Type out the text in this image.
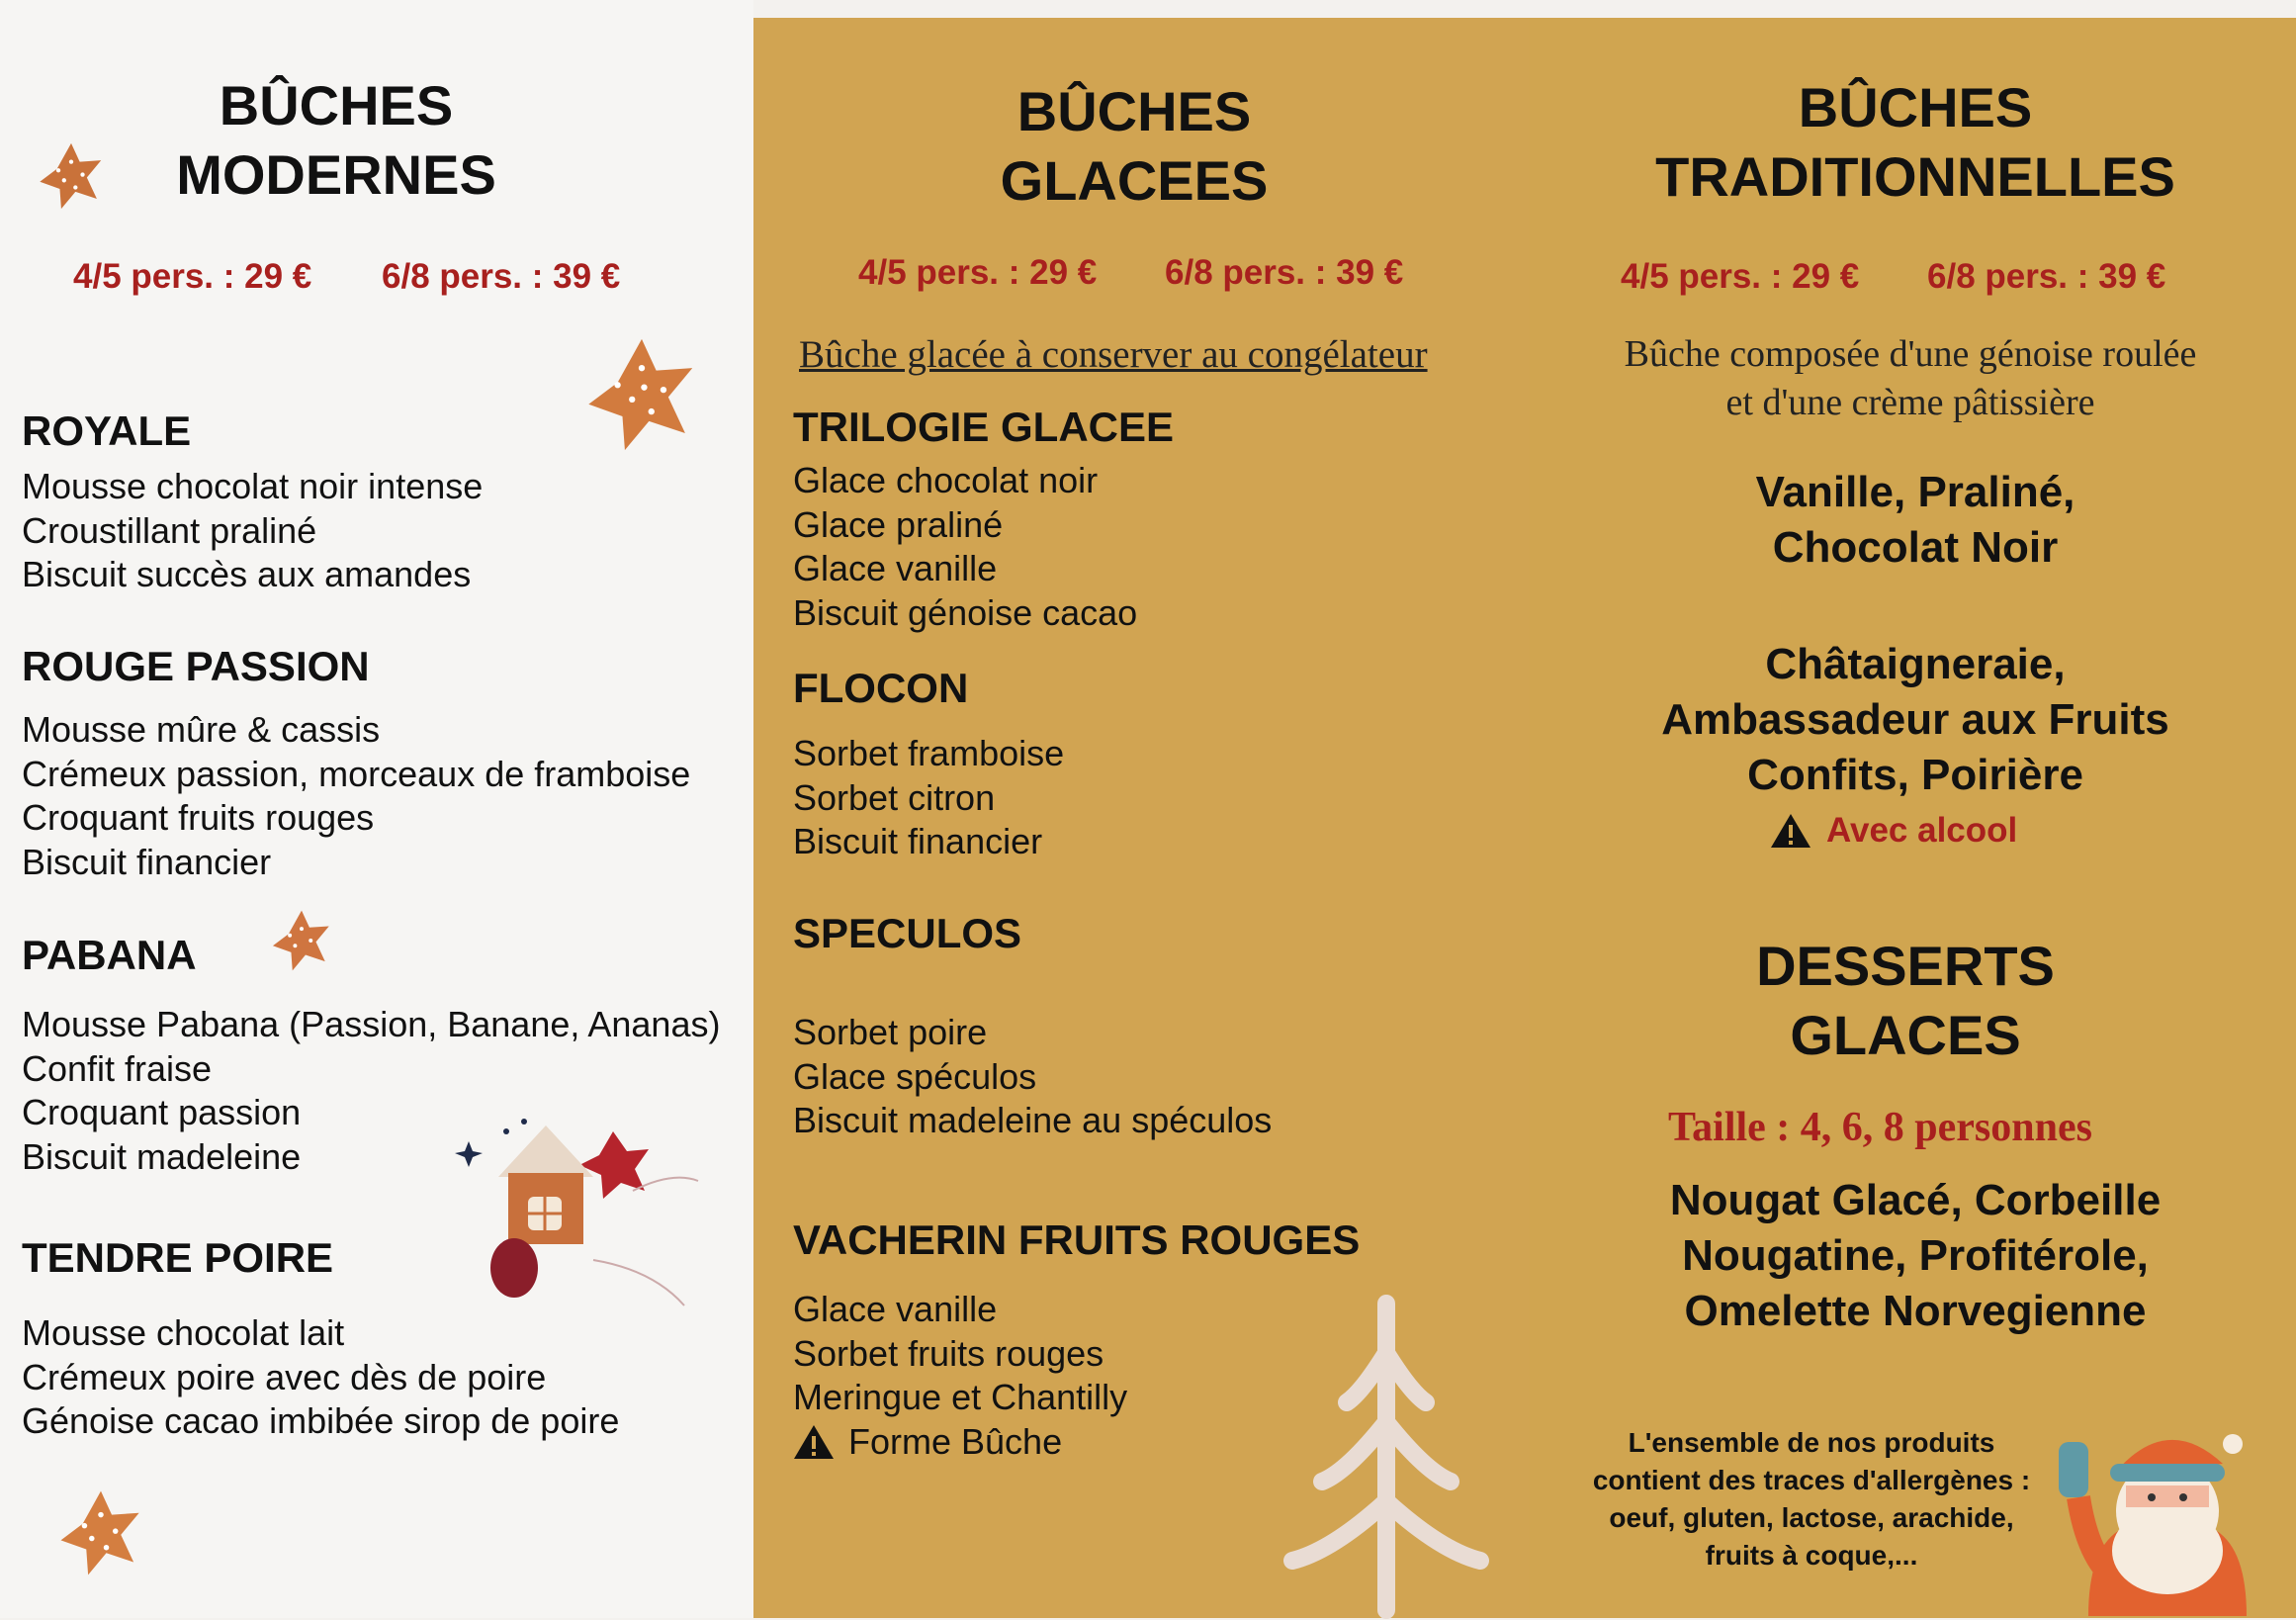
BÛCHES
MODERNES
4/5 pers. : 29 € 6/8 pers. : 39 €
ROYALE
Mousse chocolat noir intense
Croustillant praliné
Biscuit succès aux amandes
ROUGE PASSION
Mousse mûre & cassis
Crémeux passion, morceaux de framboise
Croquant fruits rouges
Biscuit financier
PABANA
Mousse Pabana (Passion, Banane, Ananas)
Confit fraise
Croquant passion
Biscuit madeleine
TENDRE POIRE
Mousse chocolat lait
Crémeux poire avec dès de poire
Génoise cacao imbibée sirop de poire
BÛCHES
GLACEES
4/5 pers. : 29 € 6/8 pers. : 39 €
Bûche glacée à conserver au congélateur
TRILOGIE GLACEE
Glace chocolat noir
Glace praliné
Glace vanille
Biscuit génoise cacao
FLOCON
Sorbet framboise
Sorbet citron
Biscuit financier
SPECULOS
Sorbet poire
Glace spéculos
Biscuit madeleine au spéculos
VACHERIN FRUITS ROUGES
Glace vanille
Sorbet fruits rouges
Meringue et Chantilly
Forme Bûche
BÛCHES
TRADITIONNELLES
4/5 pers. : 29 € 6/8 pers. : 39 €
Bûche composée d'une génoise roulée
et d'une crème pâtissière
Vanille, Praliné,
Chocolat Noir
Châtaigneraie,
Ambassadeur aux Fruits
Confits, Poirière
Avec alcool
DESSERTS
GLACES
Taille : 4, 6, 8 personnes
Nougat Glacé, Corbeille
Nougatine, Profitérole,
Omelette Norvegienne
L'ensemble de nos produits
contient des traces d'allergènes :
oeuf, gluten, lactose, arachide,
fruits à coque,...
